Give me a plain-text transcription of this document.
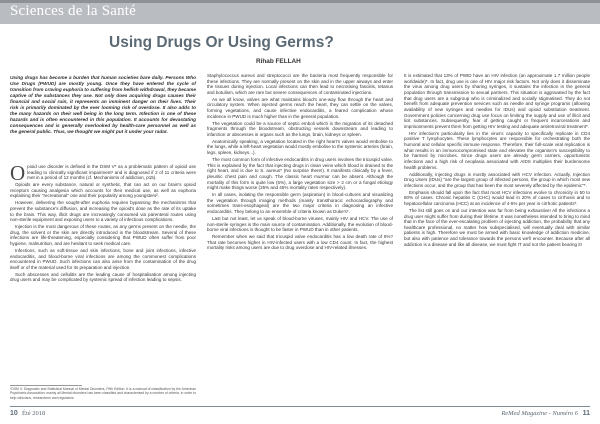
Sciences de la Santé
Using Drugs Or Using Germs?
Rihab FELLAH

Using drugs has become a burden that human societies bare daily. Persons Who Use Drugs (PWUD) are mostly young. Once they have entered the cycle of transition from craving euphoria to suffering from hellish withdrawal, they became captive of the substances they use. Not only does acquiring drugs causes their financial and social ruin, it represents an imminent danger on their lives. Their risk is primarily dominated by the ever looming risk of overdose. It also adds to the many hazards on their well being in the long term. Infection is one of these hazards and is often encountered in this population. It accounts for devastating consequences and is generally overlooked by health-care personnel as well as the general public. Thus, we thought we might put it under your radar.

Opioid use disorder is defined in the DSM V* as a problematic pattern of opioid use leading to clinically significant impairment¹ and is diagnosed if 2 of 11 criteria were met in a period of 12 months (cf. Mechanisms of addiction, p15).

Opioids are every substance, natural or synthetic, that can act on our brain's opioid receptors causing analgesia which accounts for their medical use, as well as euphoria explaining their "recreational" one and their popularity among youngsters².

However, delivering the sought-after euphoria requires bypassing the mechanisms that prevent the substance's diffusion, and increasing the opioid's dose as the rate of its uptake to the brain. This way, illicit drugs are increasingly consumed via parenteral routes using non-sterile equipment and exposing users to a variety of infectious complications.

Injection is the most dangerous of these routes, as any germs present on the needle, the drug, the solvent or the skin are directly introduced in the bloodstream. Several of these infections are life-threatening, especially considering that PWUD often suffer from poor hygiene, malnutrition, and are hesitant to seek medical care.

Infections, such as soft-tissue and skin infections, bone and joint infections, infective endocarditis, and blood-borne viral infections are among the commonest complications encountered in PWUD. Such infections can also arise from the contamination of the drug itself or of the material used for its preparation and injection.

Such abscesses and cellulitis are the leading cause of hospitalisation among injecting drug users and may be complicated by systemic spread of infection leading to sepsis.

Staphylococcus aureus and streptococci are the bacteria most frequently responsible for these infections. They are normally present on the skin and in the upper airways and enter the tissues during injection. Local infections can then lead to necrotising fasciitis, tetanus and botulism, which are rare but severe consequences of contaminated injections.

As we all know, valves are what maintains blood's one-way flow through the heart and circulatory system. When injected germs reach the heart, they can settle on the valves, forming vegetations, and cause infective endocarditis, a feared complication whose incidence in PWUD is much higher than in the general population.

The vegetation could be a source of septic emboli which is the migration of its detached fragments through the bloodstream, obstructing vessels downstream and leading to infarction or abscesses in organs such as the lungs, brain, kidneys or spleen.

Anatomically speaking, a vegetation located in the right heart's valves would embolise to the lungs, while a left-heart vegetation would mostly embolise to the systemic arteries (brain, legs, spleen, kidneys...).

The most common form of infective endocarditis in drug users involves the tricuspid valve. This is explained by the fact that injecting drugs in clean veins which blood is drained to the right heart, and is due to S. aureus* (No surprise there!). It manifests clinically by a fever, pleuritic chest pain and cough. The classic heart murmur can be absent. Although the mortality of this form is quite low (5%), a large vegetation size > 2 cm or a fungal etiology might make things worse (25% and 45% mortality rates respectively).

In all cases, isolating the responsible germ (aspiration) in blood-cultures and visualizing the vegetation through imaging methods (mainly transthoracic echocardiography and sometimes trans-esophageal) are the two major criteria in diagnosing an infective endocarditis. They belong to an ensemble of criteria known as Duke's*.

Last but not least, let us speak of blood-borne viruses, mainly HIV and HCV. The use of non-sterile syringes is the main source of contamination. Additionally, the evolution of blood-borne viral infections is thought to be faster in PWUD than in other patients.

Remember when we said that tricuspid valve endocarditis has a low death rate of 5%? That rate becomes higher in HIV-infected users with a low CD4 count. In fact, the highest mortality risks among users are due to drug overdose and HIV-related illnesses.

It is estimated that 13% of PWID have an HIV infection (an approximate 1.7 million people worldwide)*. In fact, drug use is one of HIV major risk factors. Not only does it disseminate the virus among drug users by sharing syringes, it sustains the infection in the general population through transmission to sexual partners. This situation is aggravated by the fact that drug users are a subgroup who is criminalized and socially stigmatised. They do not benefit from adequate prevention services such as needle and syringe programs (allowing availability of new syringes and needles for IDUs) and opioid substitution treatment. Government policies concerning drug use focus on limiting the supply and use of illicit and licit substances. Subsequently, fear of getting caught or frequent incarcerations and imprisonments prevent them from getting HIV testing and adequate antiretroviral treatment*.

HIV infection's particularity lies in the virus's capacity to specifically replicate in CD4 positive T lymphocytes. These lymphocytes are responsible for orchestrating both the humoral and cellular specific immune response. Therefore, their full-scale viral replication is what results in an immunocompromised state and elevates the organism's susceptibility to be harmed by microbes. Since drugs users are already germ carriers, opportunistic infections and a high risk of neoplasia associated with AIDS multiplies their burdensome health problems.

Additionally, injecting drugs is mostly associated with HCV infection. Actually, Injection Drug Users (IDUs) "are the largest group of infected persons, the group in which most new infections occur, and the group that has been the most severely affected by the epidemic"*.

Emphasis should fall upon the fact that most HCV infections evolve to chronicity in 50 to 80% of cases. Chronic hepatitis C (CHC) would lead in 20% of cases to cirrhosis and to hepatocellular carcinoma (HCC) at an incidence of 4-5% per year in cirrhotic patients*.

The list still goes on and our intention was far from being exhaustive! All the infections a drug user might suffer from during their lifetime. It was nonetheless intended to bring to mind that in the face of the ever-escalating problem of injecting addiction, the probability that any healthcare professional, no matter how subspecialised, will eventually deal with similar patients is high. Therefore we must be armed with basic knowledge of addiction medicine, but also with patience and tolerance towards the persons we'll encounter. Because after all addiction is a disease and like all disease, we must fight IT and not the patient bearing it!

*DSM V: Diagnostic and Statistical Manual of Mental Disorders, Fifth Edition. It is a manual of classification by the American Psychiatric Association: mainly all Mental disorders has been classified and characterised by a number of criteria, in order to help clinicians, researchers and regulators.

10 Été 2018	ReMed Magazine - Numéro 6 11
